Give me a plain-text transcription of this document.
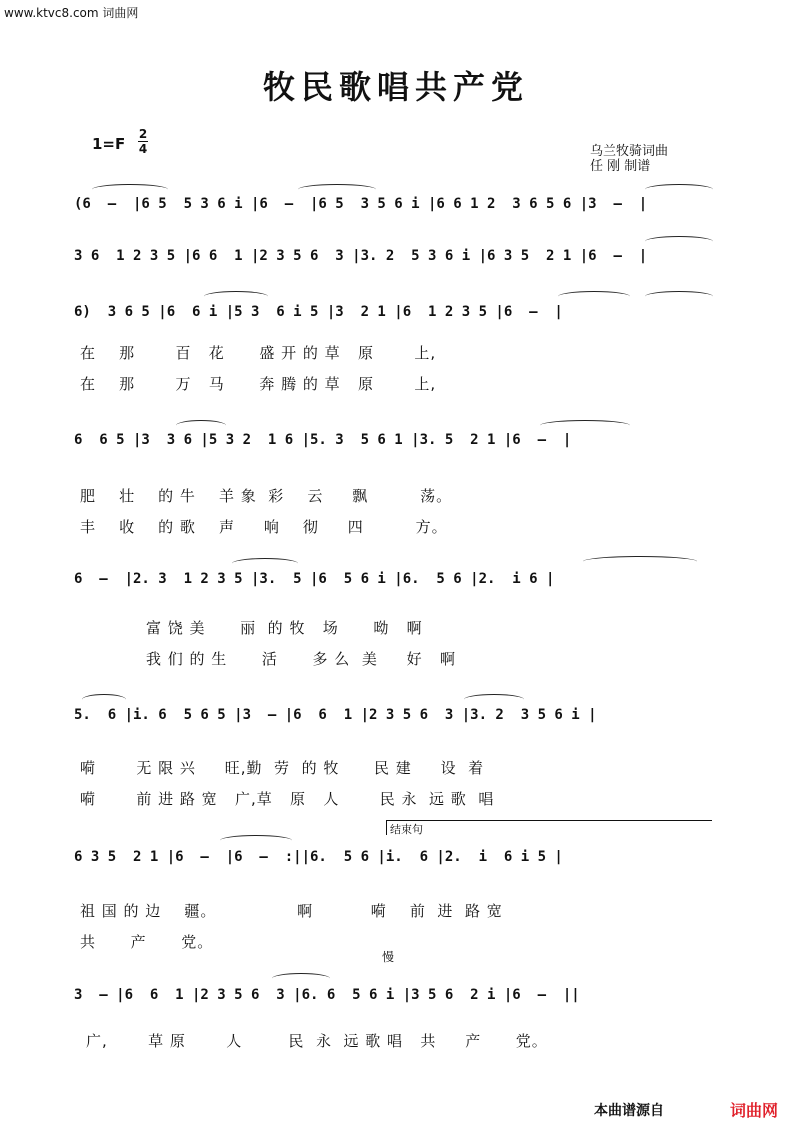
www.ktvc8.com 词曲网
牧民歌唱共产党
1=F
2
4	乌兰牧骑词曲
任 刚 制谱
(6  –  |6 5  5 3 6 i |6  –  |6 5  3 5 6 i |6 6 1 2  3 6 5 6 |3  –  |
3 6  1 2 3 5 |6 6  1 |2 3 5 6  3 |3. 2  5 3 6 i |6 3 5  2 1 |6  –  |
6)  3 6 5 |6  6 i |5 3  6 i 5 |3  2 1 |6  1 2 3 5 |6  –  |
在    那       百   花      盛 开 的 草   原       上,
在    那       万   马      奔 腾 的 草   原       上,
6  6 5 |3  3 6 |5 3 2  1 6 |5. 3  5 6 1 |3. 5  2 1 |6  –  |
肥    壮    的 牛    羊 象  彩    云     飘         荡。
丰    收    的 歌    声     响    彻     四         方。
6  –  |2. 3  1 2 3 5 |3.  5 |6  5 6 i |6.  5 6 |2.  i 6 |
富 饶 美      丽  的 牧   场      呦   啊
我 们 的 生      活      多 么  美     好   啊
5.  6 |i. 6  5 6 5 |3  – |6  6  1 |2 3 5 6  3 |3. 2  3 5 6 i |
嗬       无 限 兴     旺,勤  劳  的 牧      民 建     设  着
嗬       前 进 路 宽   广,草   原   人       民 永  远 歌  唱
结束句
6 3 5  2 1 |6  –  |6  –  :||6.  5 6 |i.  6 |2.  i  6 i 5 |
祖 国 的 边    疆。              啊          嗬    前  进  路 宽
共      产      党。
慢
3  – |6  6  1 |2 3 5 6  3 |6. 6  5 6 i |3 5 6  2 i |6  –  ||
广,       草 原       人        民  永  远 歌 唱   共     产      党。
本曲谱源自	词曲网
